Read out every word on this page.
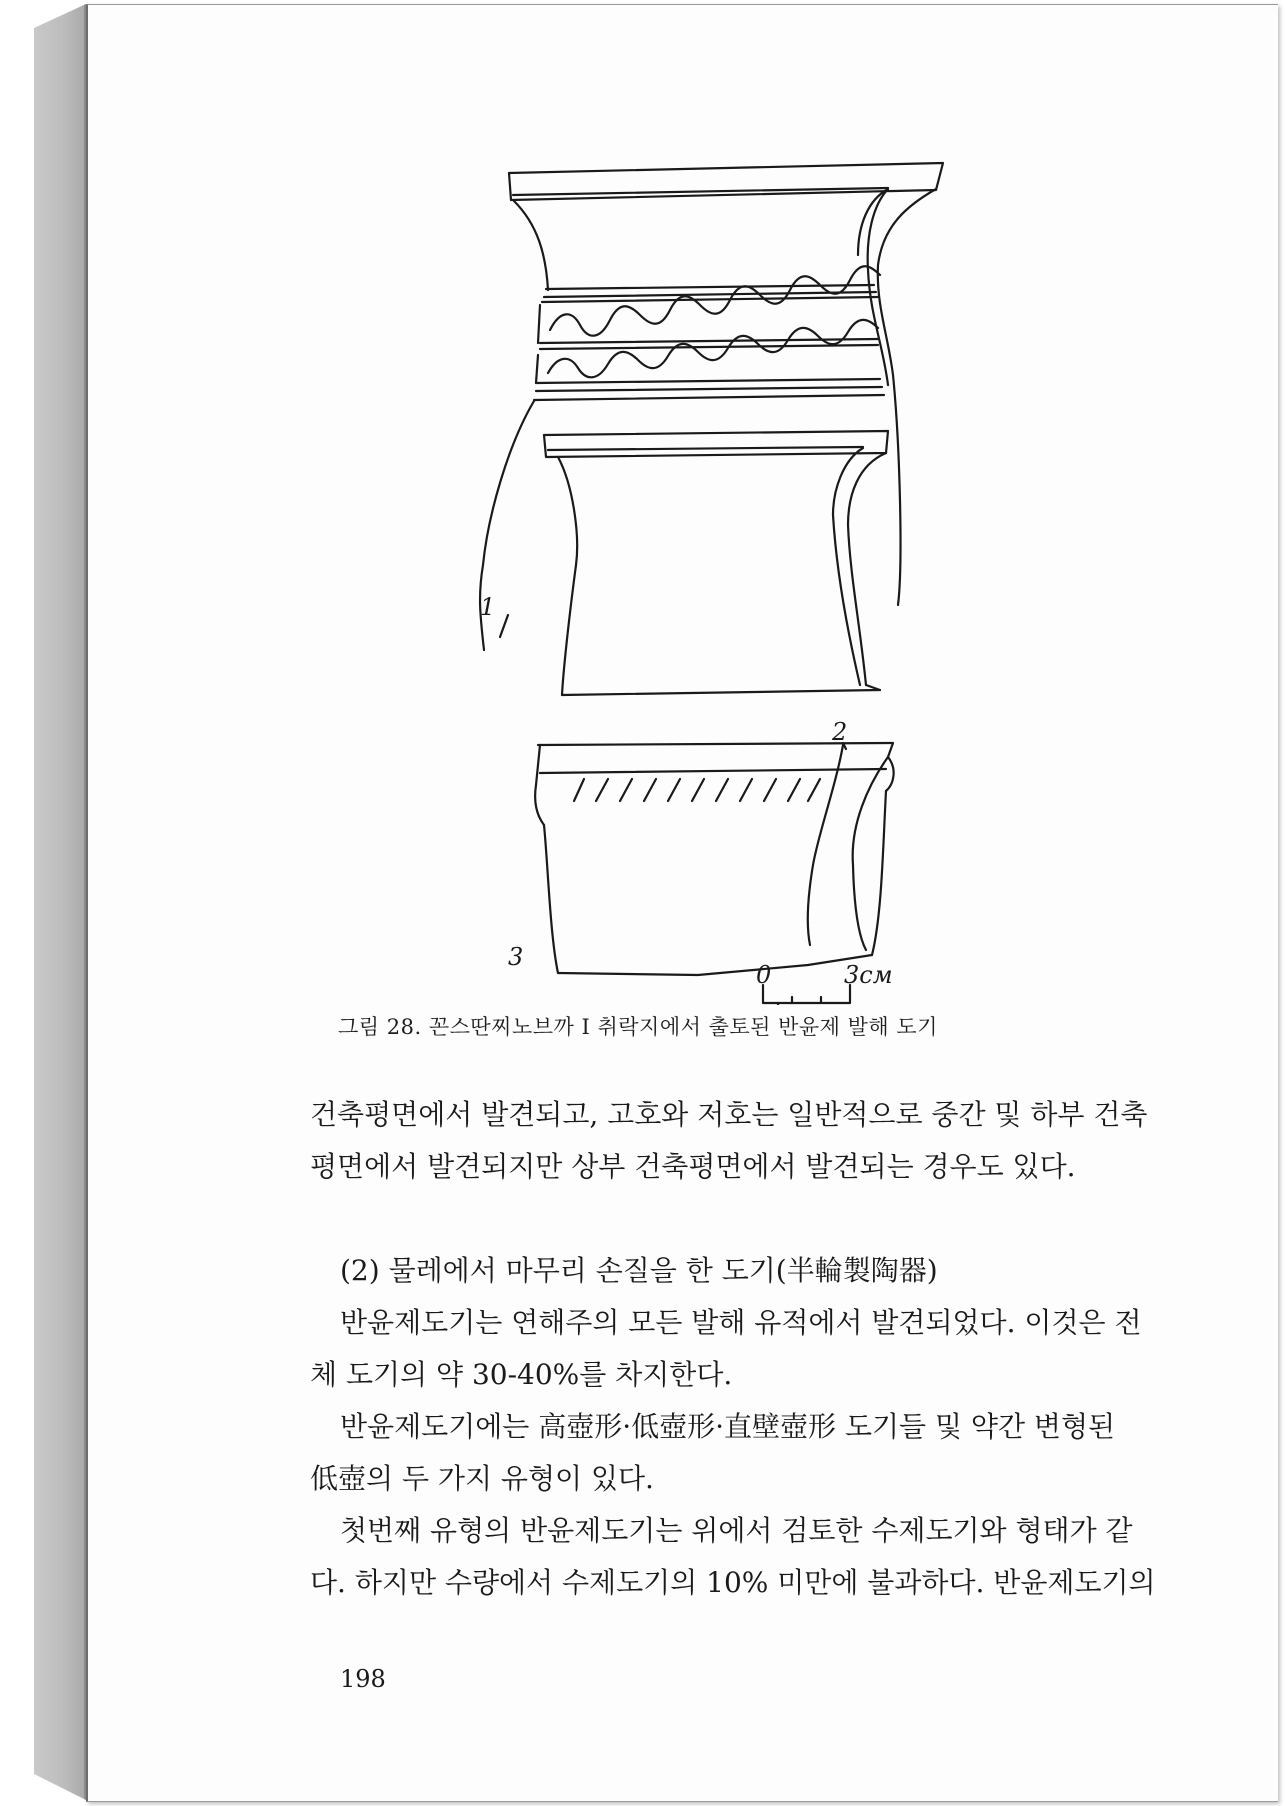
1
2
3
0	3см
그림 28. 꼰스딴찌노브까 I 취락지에서 출토된 반윤제 발해 도기
건축평면에서 발견되고, 고호와 저호는 일반적으로 중간 및 하부 건축
평면에서 발견되지만 상부 건축평면에서 발견되는 경우도 있다.
(2) 물레에서 마무리 손질을 한 도기(半輪製陶器)
반윤제도기는 연해주의 모든 발해 유적에서 발견되었다. 이것은 전
체 도기의 약 30-40%를 차지한다.
반윤제도기에는 高壺形·低壺形·直壁壺形 도기들 및 약간 변형된
低壺의 두 가지 유형이 있다.
첫번째 유형의 반윤제도기는 위에서 검토한 수제도기와 형태가 같
다. 하지만 수량에서 수제도기의 10% 미만에 불과하다. 반윤제도기의
198
